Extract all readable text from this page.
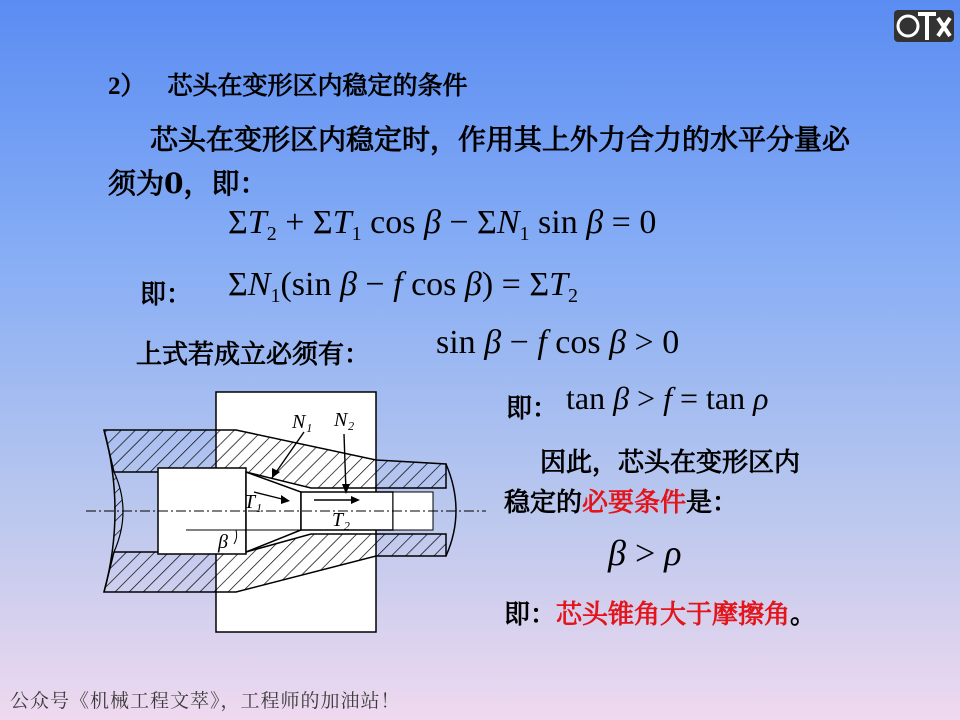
2） 芯头在变形区内稳定的条件
芯头在变形区内稳定时，作用其上外力合力的水平分量必须为0，即：
$\Sigma T_2 + \Sigma T_1$ $\cos \beta - \Sigma N_1$ sin β = 0
即： $\Sigma N_1(\sin$ β − f $\cos \beta) = \Sigma T_2$
上式若成立必须有： sin β − f cos β > 0
即： tan β > f = tan ρ
因此，芯头在变形区内
稳定的必要条件是：
β > ρ
即：芯头锥角大于摩擦角。
N₁ N₂
T₁
T₂
β
公众号《机械工程文萃》，工程师的加油站！
